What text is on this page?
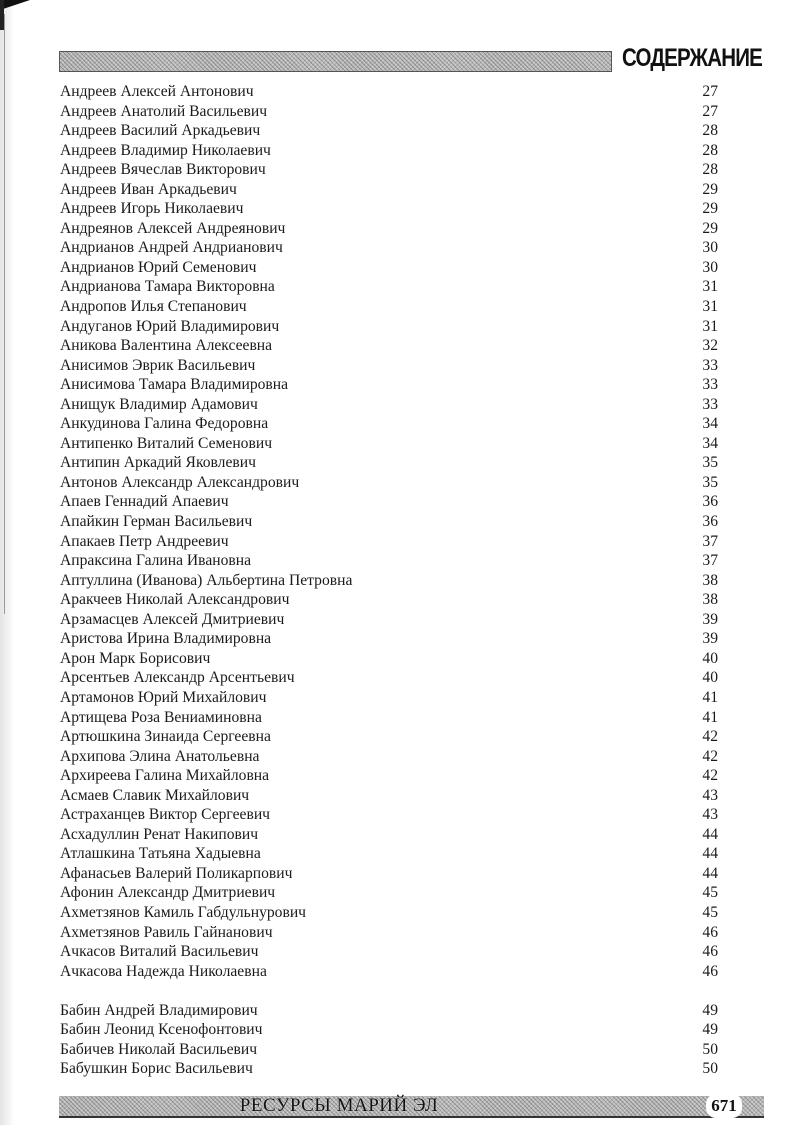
СОДЕРЖАНИЕ
Андреев Алексей Антонович	27
Андреев Анатолий Васильевич	27
Андреев Василий Аркадьевич	28
Андреев Владимир Николаевич	28
Андреев Вячеслав Викторович	28
Андреев Иван Аркадьевич	29
Андреев Игорь Николаевич	29
Андреянов Алексей Андреянович	29
Андрианов Андрей Андрианович	30
Андрианов Юрий Семенович	30
Андрианова Тамара Викторовна	31
Андропов Илья Степанович	31
Андуганов Юрий Владимирович	31
Аникова Валентина Алексеевна	32
Анисимов Эврик Васильевич	33
Анисимова Тамара Владимировна	33
Анищук Владимир Адамович	33
Анкудинова Галина Федоровна	34
Антипенко Виталий Семенович	34
Антипин Аркадий Яковлевич	35
Антонов Александр Александрович	35
Апаев Геннадий Апаевич	36
Апайкин Герман Васильевич	36
Апакаев Петр Андреевич	37
Апраксина Галина Ивановна	37
Аптуллина (Иванова) Альбертина Петровна	38
Аракчеев Николай Александрович	38
Арзамасцев Алексей Дмитриевич	39
Аристова Ирина Владимировна	39
Арон Марк Борисович	40
Арсентьев Александр Арсентьевич	40
Артамонов Юрий Михайлович	41
Артищева Роза Вениаминовна	41
Артюшкина Зинаида Сергеевна	42
Архипова Элина Анатольевна	42
Архиреева Галина Михайловна	42
Асмаев Славик Михайлович	43
Астраханцев Виктор Сергеевич	43
Асхадуллин Ренат Накипович	44
Атлашкина Татьяна Хадыевна	44
Афанасьев Валерий Поликарпович	44
Афонин Александр Дмитриевич	45
Ахметзянов Камиль Габдульнурович	45
Ахметзянов Равиль Гайнанович	46
Ачкасов Виталий Васильевич	46
Ачкасова Надежда Николаевна	46
Бабин Андрей Владимирович	49
Бабин Леонид Ксенофонтович	49
Бабичев Николай Васильевич	50
Бабушкин Борис Васильевич	50
РЕСУРСЫ МАРИЙ ЭЛ	671
